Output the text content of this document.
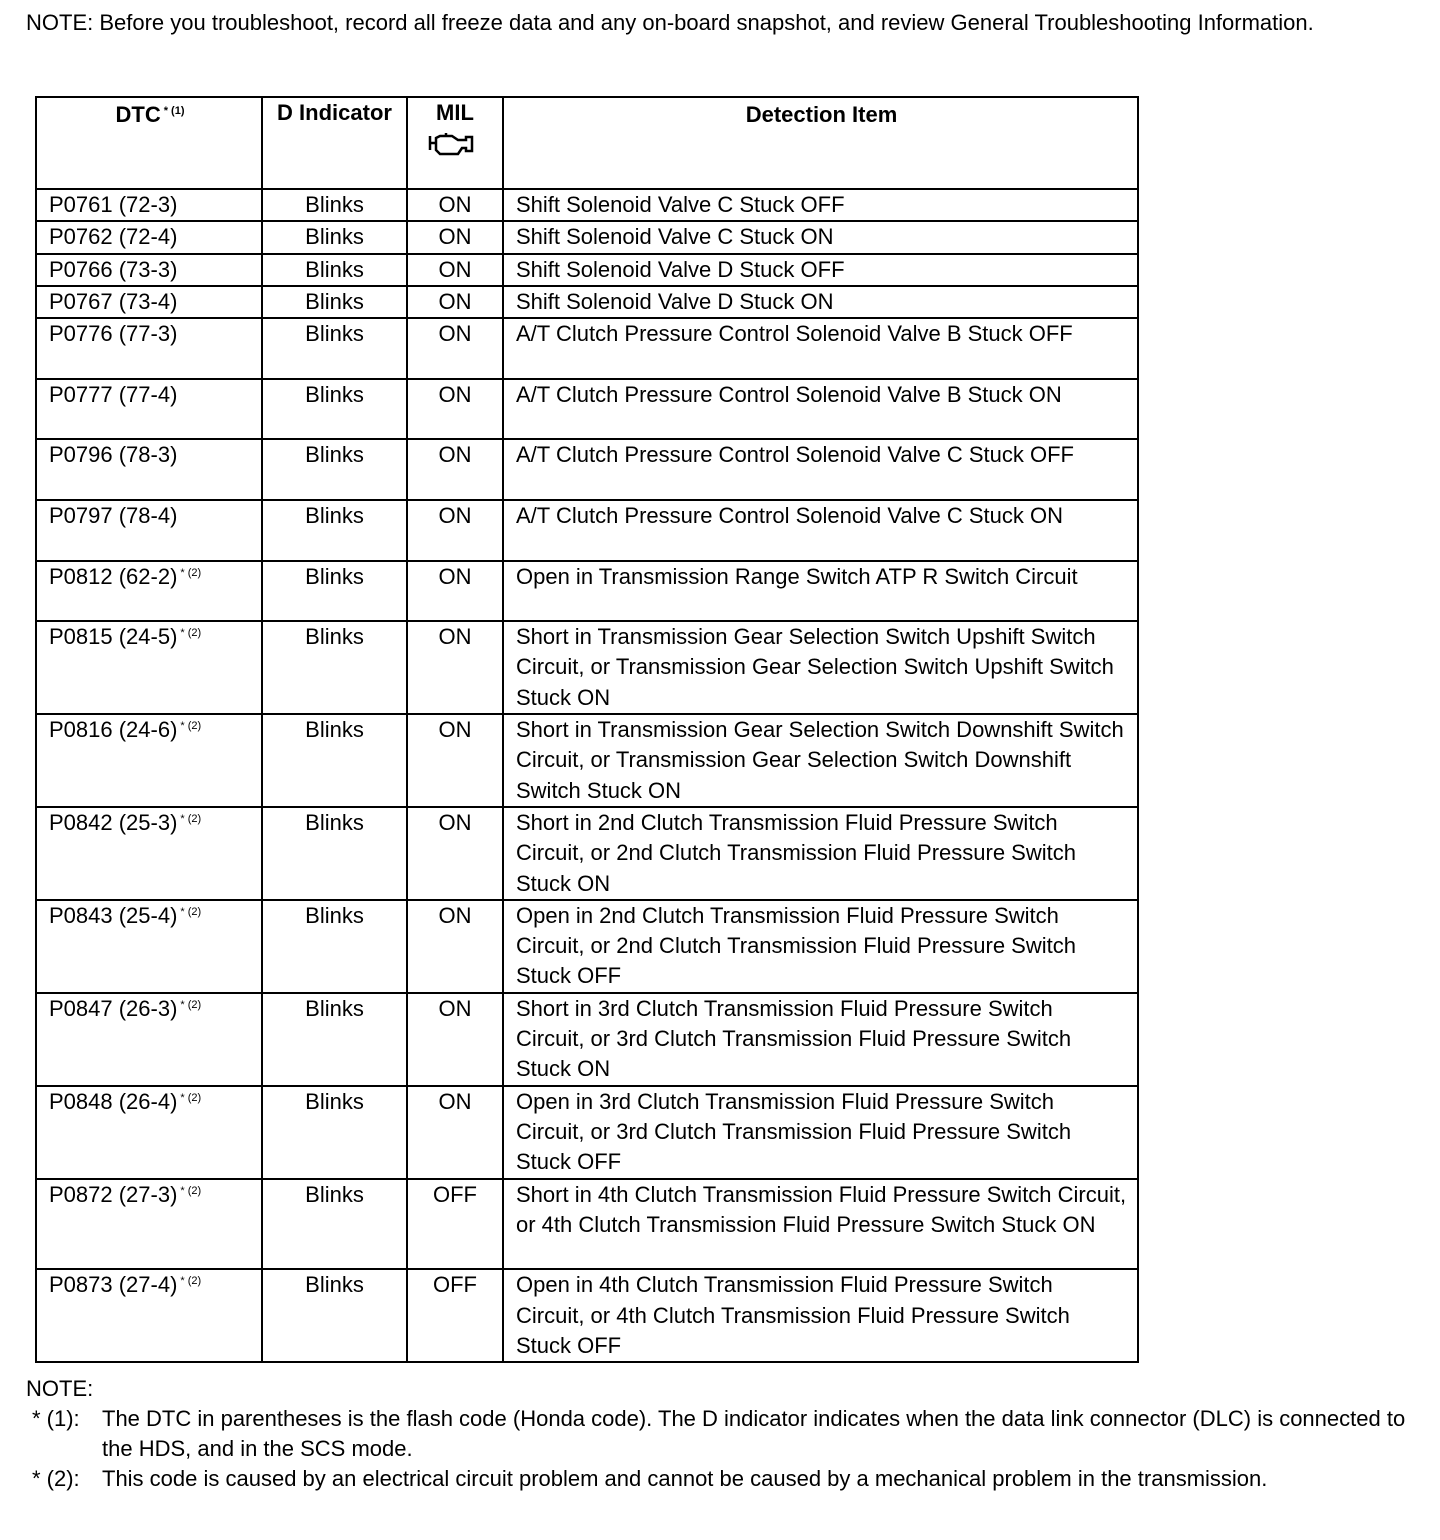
NOTE: Before you troubleshoot, record all freeze data and any on-board snapshot, and review General Troubleshooting Information.
DTC $^{* (1)}$	D Indicator	MIL	Detection Item
P0761 (72-3)	Blinks	ON	Shift Solenoid Valve C Stuck OFF
P0762 (72-4)	Blinks	ON	Shift Solenoid Valve C Stuck ON
P0766 (73-3)	Blinks	ON	Shift Solenoid Valve D Stuck OFF
P0767 (73-4)	Blinks	ON	Shift Solenoid Valve D Stuck ON
P0776 (77-3)	Blinks	ON	A/T Clutch Pressure Control Solenoid Valve B Stuck OFF
P0777 (77-4)	Blinks	ON	A/T Clutch Pressure Control Solenoid Valve B Stuck ON
P0796 (78-3)	Blinks	ON	A/T Clutch Pressure Control Solenoid Valve C Stuck OFF
P0797 (78-4)	Blinks	ON	A/T Clutch Pressure Control Solenoid Valve C Stuck ON
P0812 (62-2) $^{* (2)}$	Blinks	ON	Open in Transmission Range Switch ATP R Switch Circuit
P0815 (24-5) $^{* (2)}$	Blinks	ON	Short in Transmission Gear Selection Switch Upshift Switch Circuit, or Transmission Gear Selection Switch Upshift Switch Stuck ON
P0816 (24-6) $^{* (2)}$	Blinks	ON	Short in Transmission Gear Selection Switch Downshift Switch Circuit, or Transmission Gear Selection Switch Downshift Switch Stuck ON
P0842 (25-3) $^{* (2)}$	Blinks	ON	Short in 2nd Clutch Transmission Fluid Pressure Switch Circuit, or 2nd Clutch Transmission Fluid Pressure Switch Stuck ON
P0843 (25-4) $^{* (2)}$	Blinks	ON	Open in 2nd Clutch Transmission Fluid Pressure Switch Circuit, or 2nd Clutch Transmission Fluid Pressure Switch Stuck OFF
P0847 (26-3) $^{* (2)}$	Blinks	ON	Short in 3rd Clutch Transmission Fluid Pressure Switch Circuit, or 3rd Clutch Transmission Fluid Pressure Switch Stuck ON
P0848 (26-4) $^{* (2)}$	Blinks	ON	Open in 3rd Clutch Transmission Fluid Pressure Switch Circuit, or 3rd Clutch Transmission Fluid Pressure Switch Stuck OFF
P0872 (27-3) $^{* (2)}$	Blinks	OFF	Short in 4th Clutch Transmission Fluid Pressure Switch Circuit, or 4th Clutch Transmission Fluid Pressure Switch Stuck ON
P0873 (27-4) $^{* (2)}$	Blinks	OFF	Open in 4th Clutch Transmission Fluid Pressure Switch Circuit, or 4th Clutch Transmission Fluid Pressure Switch Stuck OFF
NOTE:
* (1):	The DTC in parentheses is the flash code (Honda code). The D indicator indicates when the data link connector (DLC) is connected to the HDS, and in the SCS mode.
* (2):	This code is caused by an electrical circuit problem and cannot be caused by a mechanical problem in the transmission.
